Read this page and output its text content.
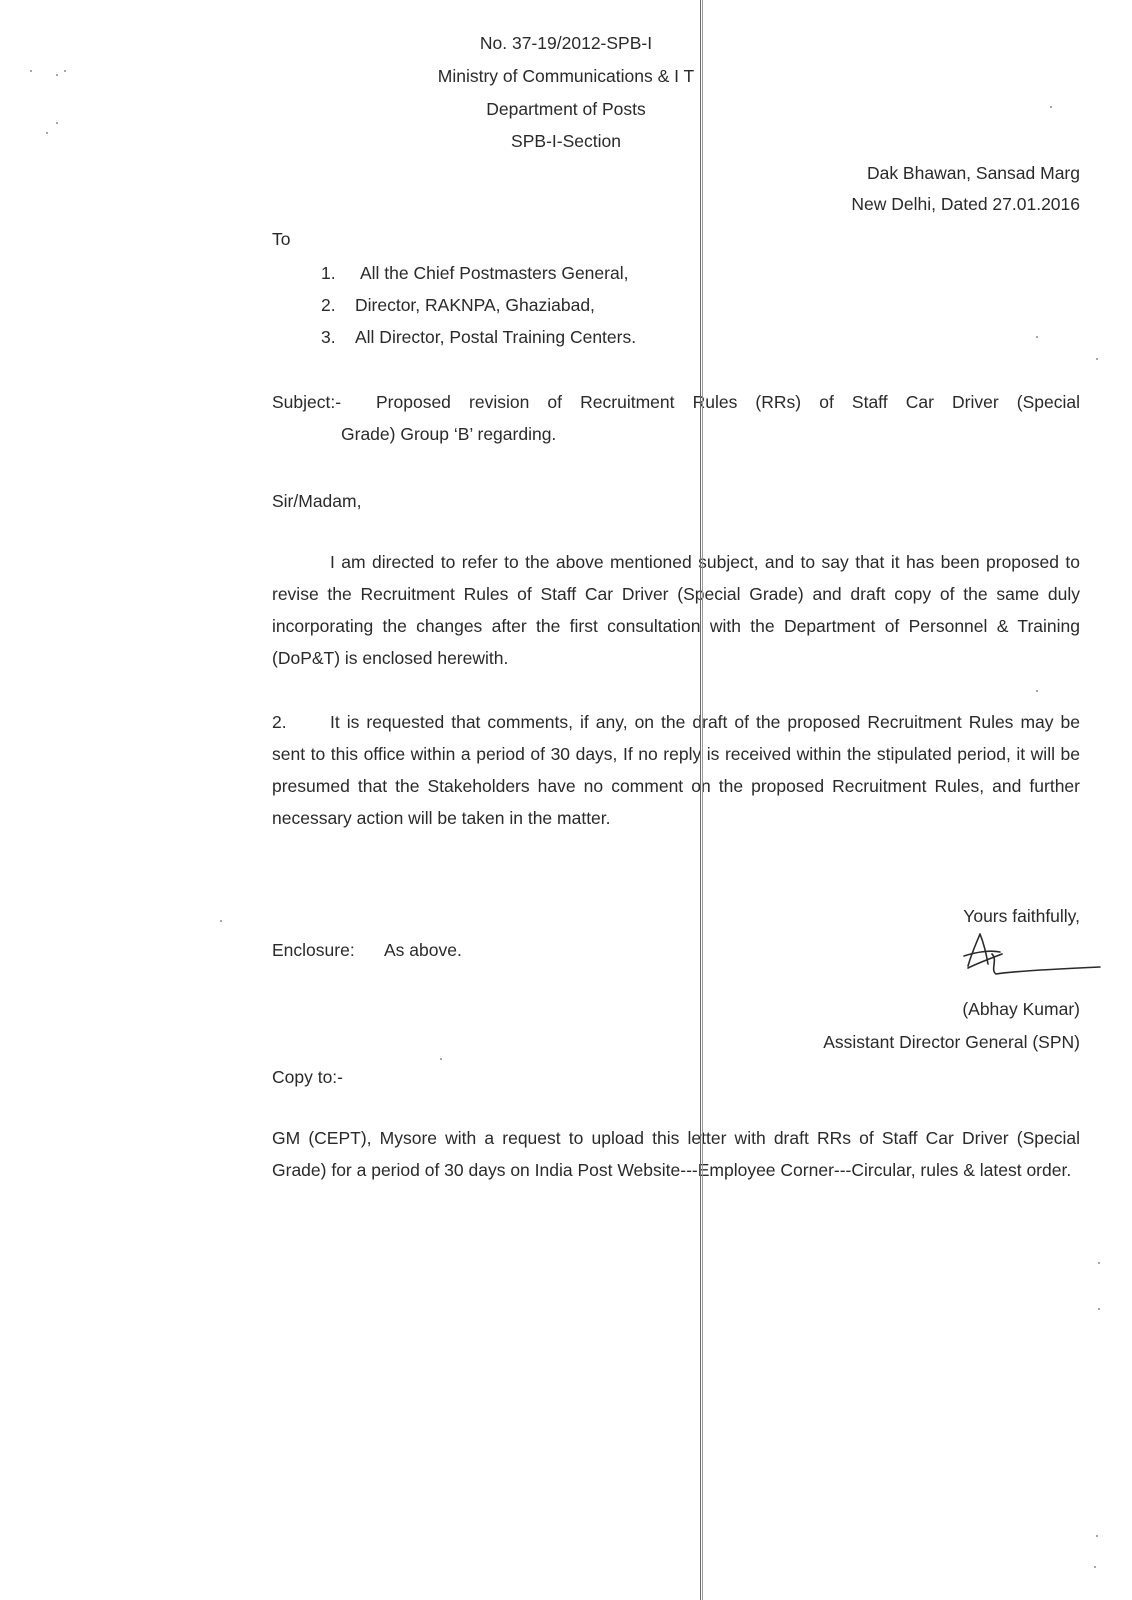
No. 37-19/2012-SPB-I
Ministry of Communications & I T
Department of Posts
SPB-I-Section
Dak Bhawan, Sansad Marg
New Delhi, Dated 27.01.2016
To
1. All the Chief Postmasters General,
2. Director, RAKNPA, Ghaziabad,
3. All Director, Postal Training Centers.
Subject:- Proposed revision of Recruitment Rules (RRs) of Staff Car Driver (Special
Grade) Group ‘B’ regarding.
Sir/Madam,
I am directed to refer to the above mentioned subject, and to say that it has been proposed to revise the Recruitment Rules of Staff Car Driver (Special Grade) and draft copy of the same duly incorporating the changes after the first consultation with the Department of Personnel & Training (DoP&T) is enclosed herewith.
2.	It is requested that comments, if any, on the draft of the proposed Recruitment Rules may be sent to this office within a period of 30 days, If no reply is received within the stipulated period, it will be presumed that the Stakeholders have no comment on the proposed Recruitment Rules, and further necessary action will be taken in the matter.
Yours faithfully,
Enclosure: As above.
(Abhay Kumar)
Assistant Director General (SPN)
Copy to:-
GM (CEPT), Mysore with a request to upload this letter with draft RRs of Staff Car Driver (Special Grade) for a period of 30 days on India Post Website---Employee Corner---Circular, rules & latest order.
